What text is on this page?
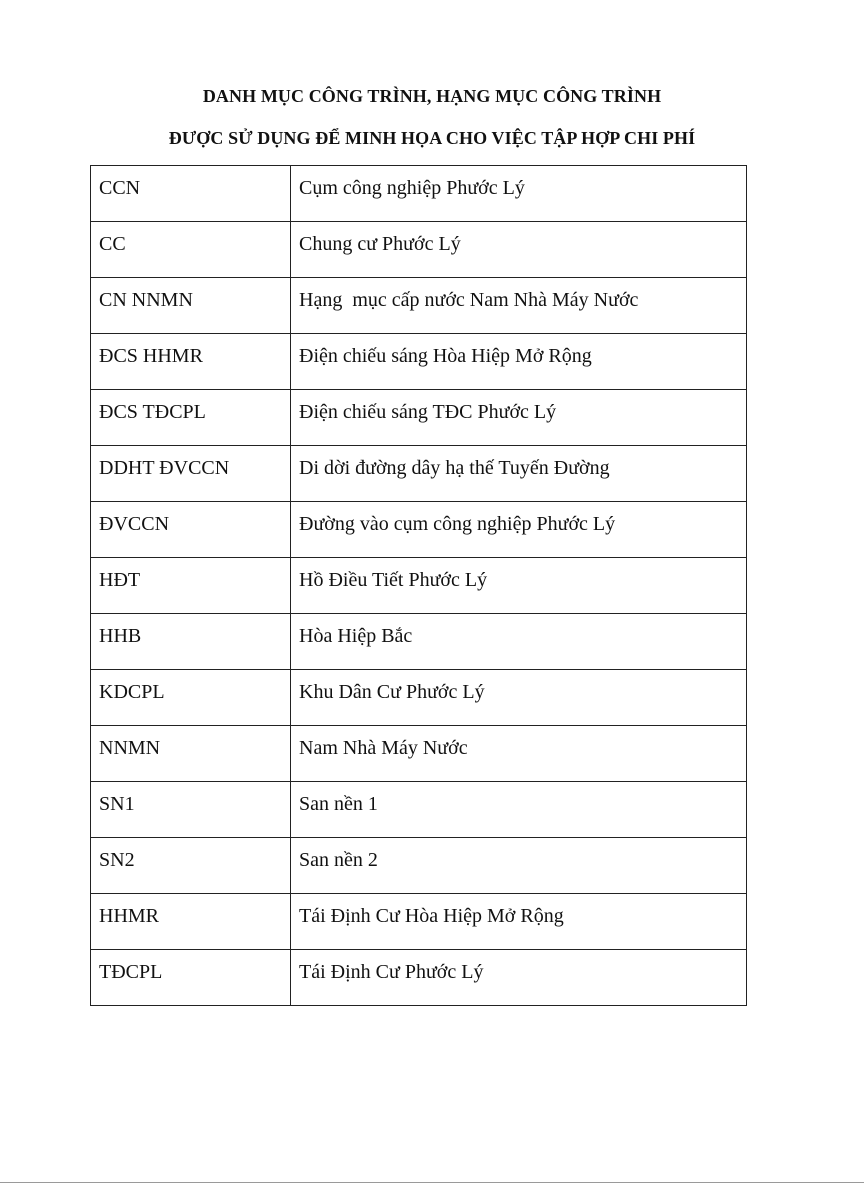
DANH MỤC CÔNG TRÌNH, HẠNG MỤC CÔNG TRÌNH
ĐƯỢC SỬ DỤNG ĐỂ MINH HỌA CHO VIỆC TẬP HỢP CHI PHÍ
CCN	Cụm công nghiệp Phước Lý

CC	Chung cư Phước Lý

CN NNMN	Hạng  mục cấp nước Nam Nhà Máy Nước

ĐCS HHMR	Điện chiếu sáng Hòa Hiệp Mở Rộng

ĐCS TĐCPL	Điện chiếu sáng TĐC Phước Lý

DDHT ĐVCCN	Di dời đường dây hạ thế Tuyến Đường

ĐVCCN	Đường vào cụm công nghiệp Phước Lý

HĐT	Hồ Điều Tiết Phước Lý

HHB	Hòa Hiệp Bắc

KDCPL	Khu Dân Cư Phước Lý

NNMN	Nam Nhà Máy Nước

SN1	San nền 1

SN2	San nền 2

HHMR	Tái Định Cư Hòa Hiệp Mở Rộng

TĐCPL	Tái Định Cư Phước Lý
